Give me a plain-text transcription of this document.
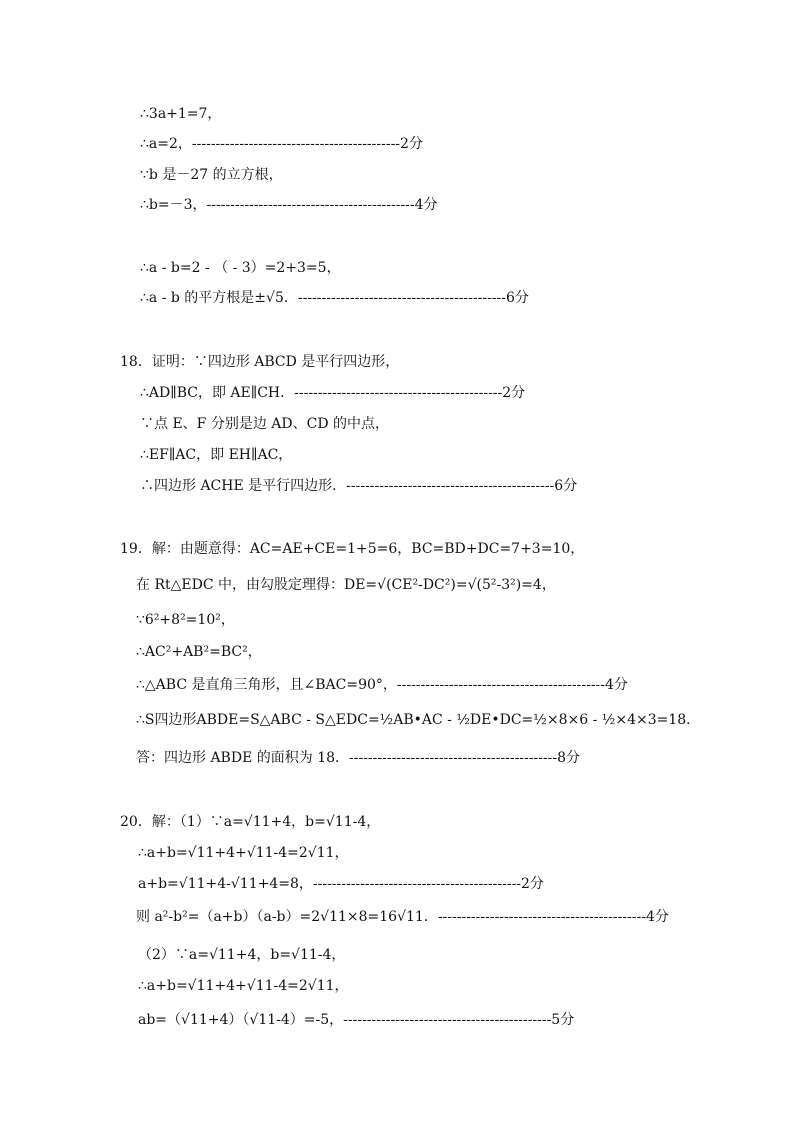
∴3a+1=7，
∴a=2，--------------------------------------------2分
∵b 是－27 的立方根，
∴b=－3，--------------------------------------------4分
∴a - b=2 - （ - 3）=2+3=5，
∴a - b 的平方根是±√5．--------------------------------------------6分
18．证明：∵四边形 ABCD 是平行四边形，
∴AD∥BC，即 AE∥CH．--------------------------------------------2分
∵点 E、F 分别是边 AD、CD 的中点，
∴EF∥AC，即 EH∥AC，
∴四边形 ACHE 是平行四边形．--------------------------------------------6分
19．解：由题意得：AC=AE+CE=1+5=6，BC=BD+DC=7+3=10，
在 Rt△EDC 中，由勾股定理得：DE=√(CE²-DC²)=√(5²-3²)=4，
∵6²+8²=10²，
∴AC²+AB²=BC²，
∴△ABC 是直角三角形，且∠BAC=90°，--------------------------------------------4分
∴S四边形ABDE=S△ABC - S△EDC=½AB•AC - ½DE•DC=½×8×6 - ½×4×3=18．
答：四边形 ABDE 的面积为 18．--------------------------------------------8分
20．解：（1）∵a=√11+4，b=√11-4，
∴a+b=√11+4+√11-4=2√11，
a+b=√11+4-√11+4=8，--------------------------------------------2分
则 a²-b²=（a+b）（a-b）=2√11×8=16√11．--------------------------------------------4分
（2）∵a=√11+4，b=√11-4，
∴a+b=√11+4+√11-4=2√11，
ab=（√11+4）（√11-4）=-5，--------------------------------------------5分
